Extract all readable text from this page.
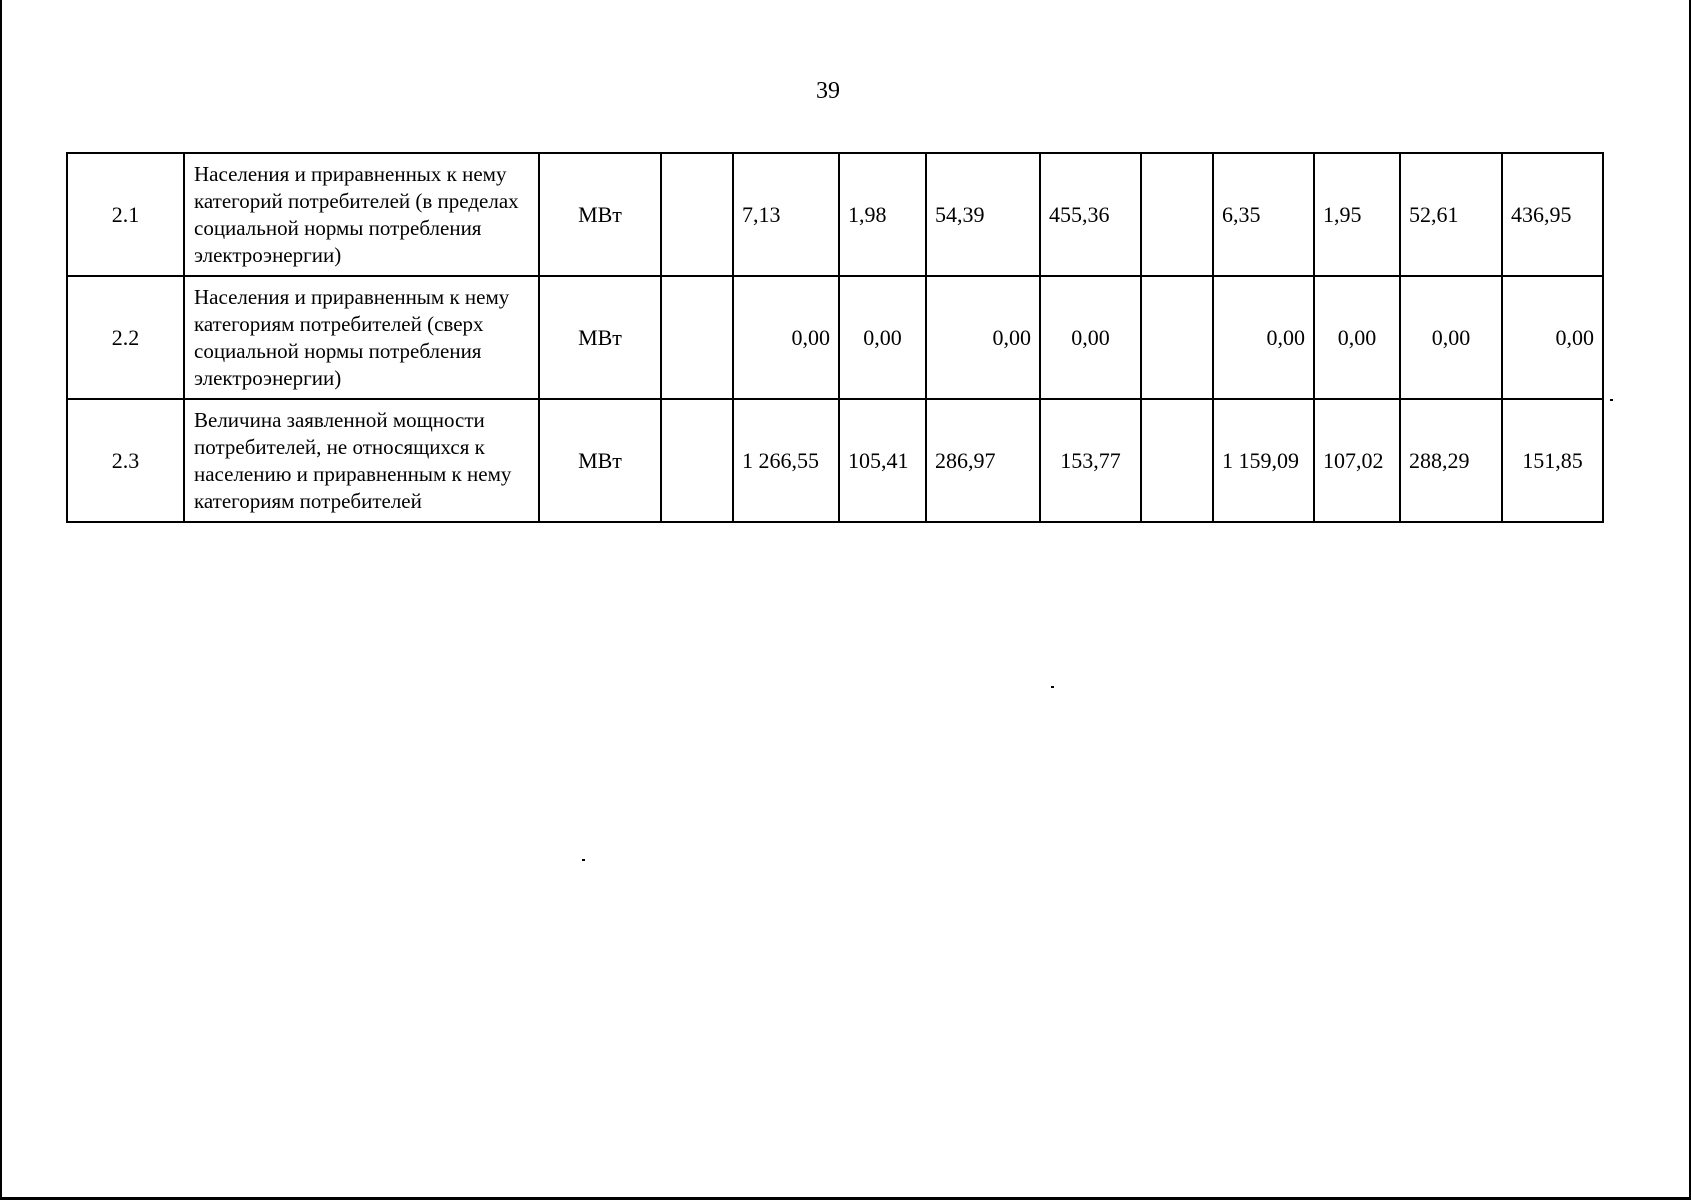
39
2.1	Населения и приравненных к нему категорий потребителей (в пределах социальной нормы потребления электроэнергии)	МВт		7,13	1,98	54,39	455,36		6,35	1,95	52,61	436,95
2.2	Населения и приравненным к нему категориям потребителей (сверх социальной нормы потребления электроэнергии)	МВт		0,00	0,00	0,00	0,00		0,00	0,00	0,00	0,00
2.3	Величина заявленной мощности потребителей, не относящихся к населению и приравненным к нему категориям потребителей	МВт		1 266,55	105,41	286,97	153,77		1 159,09	107,02	288,29	151,85
